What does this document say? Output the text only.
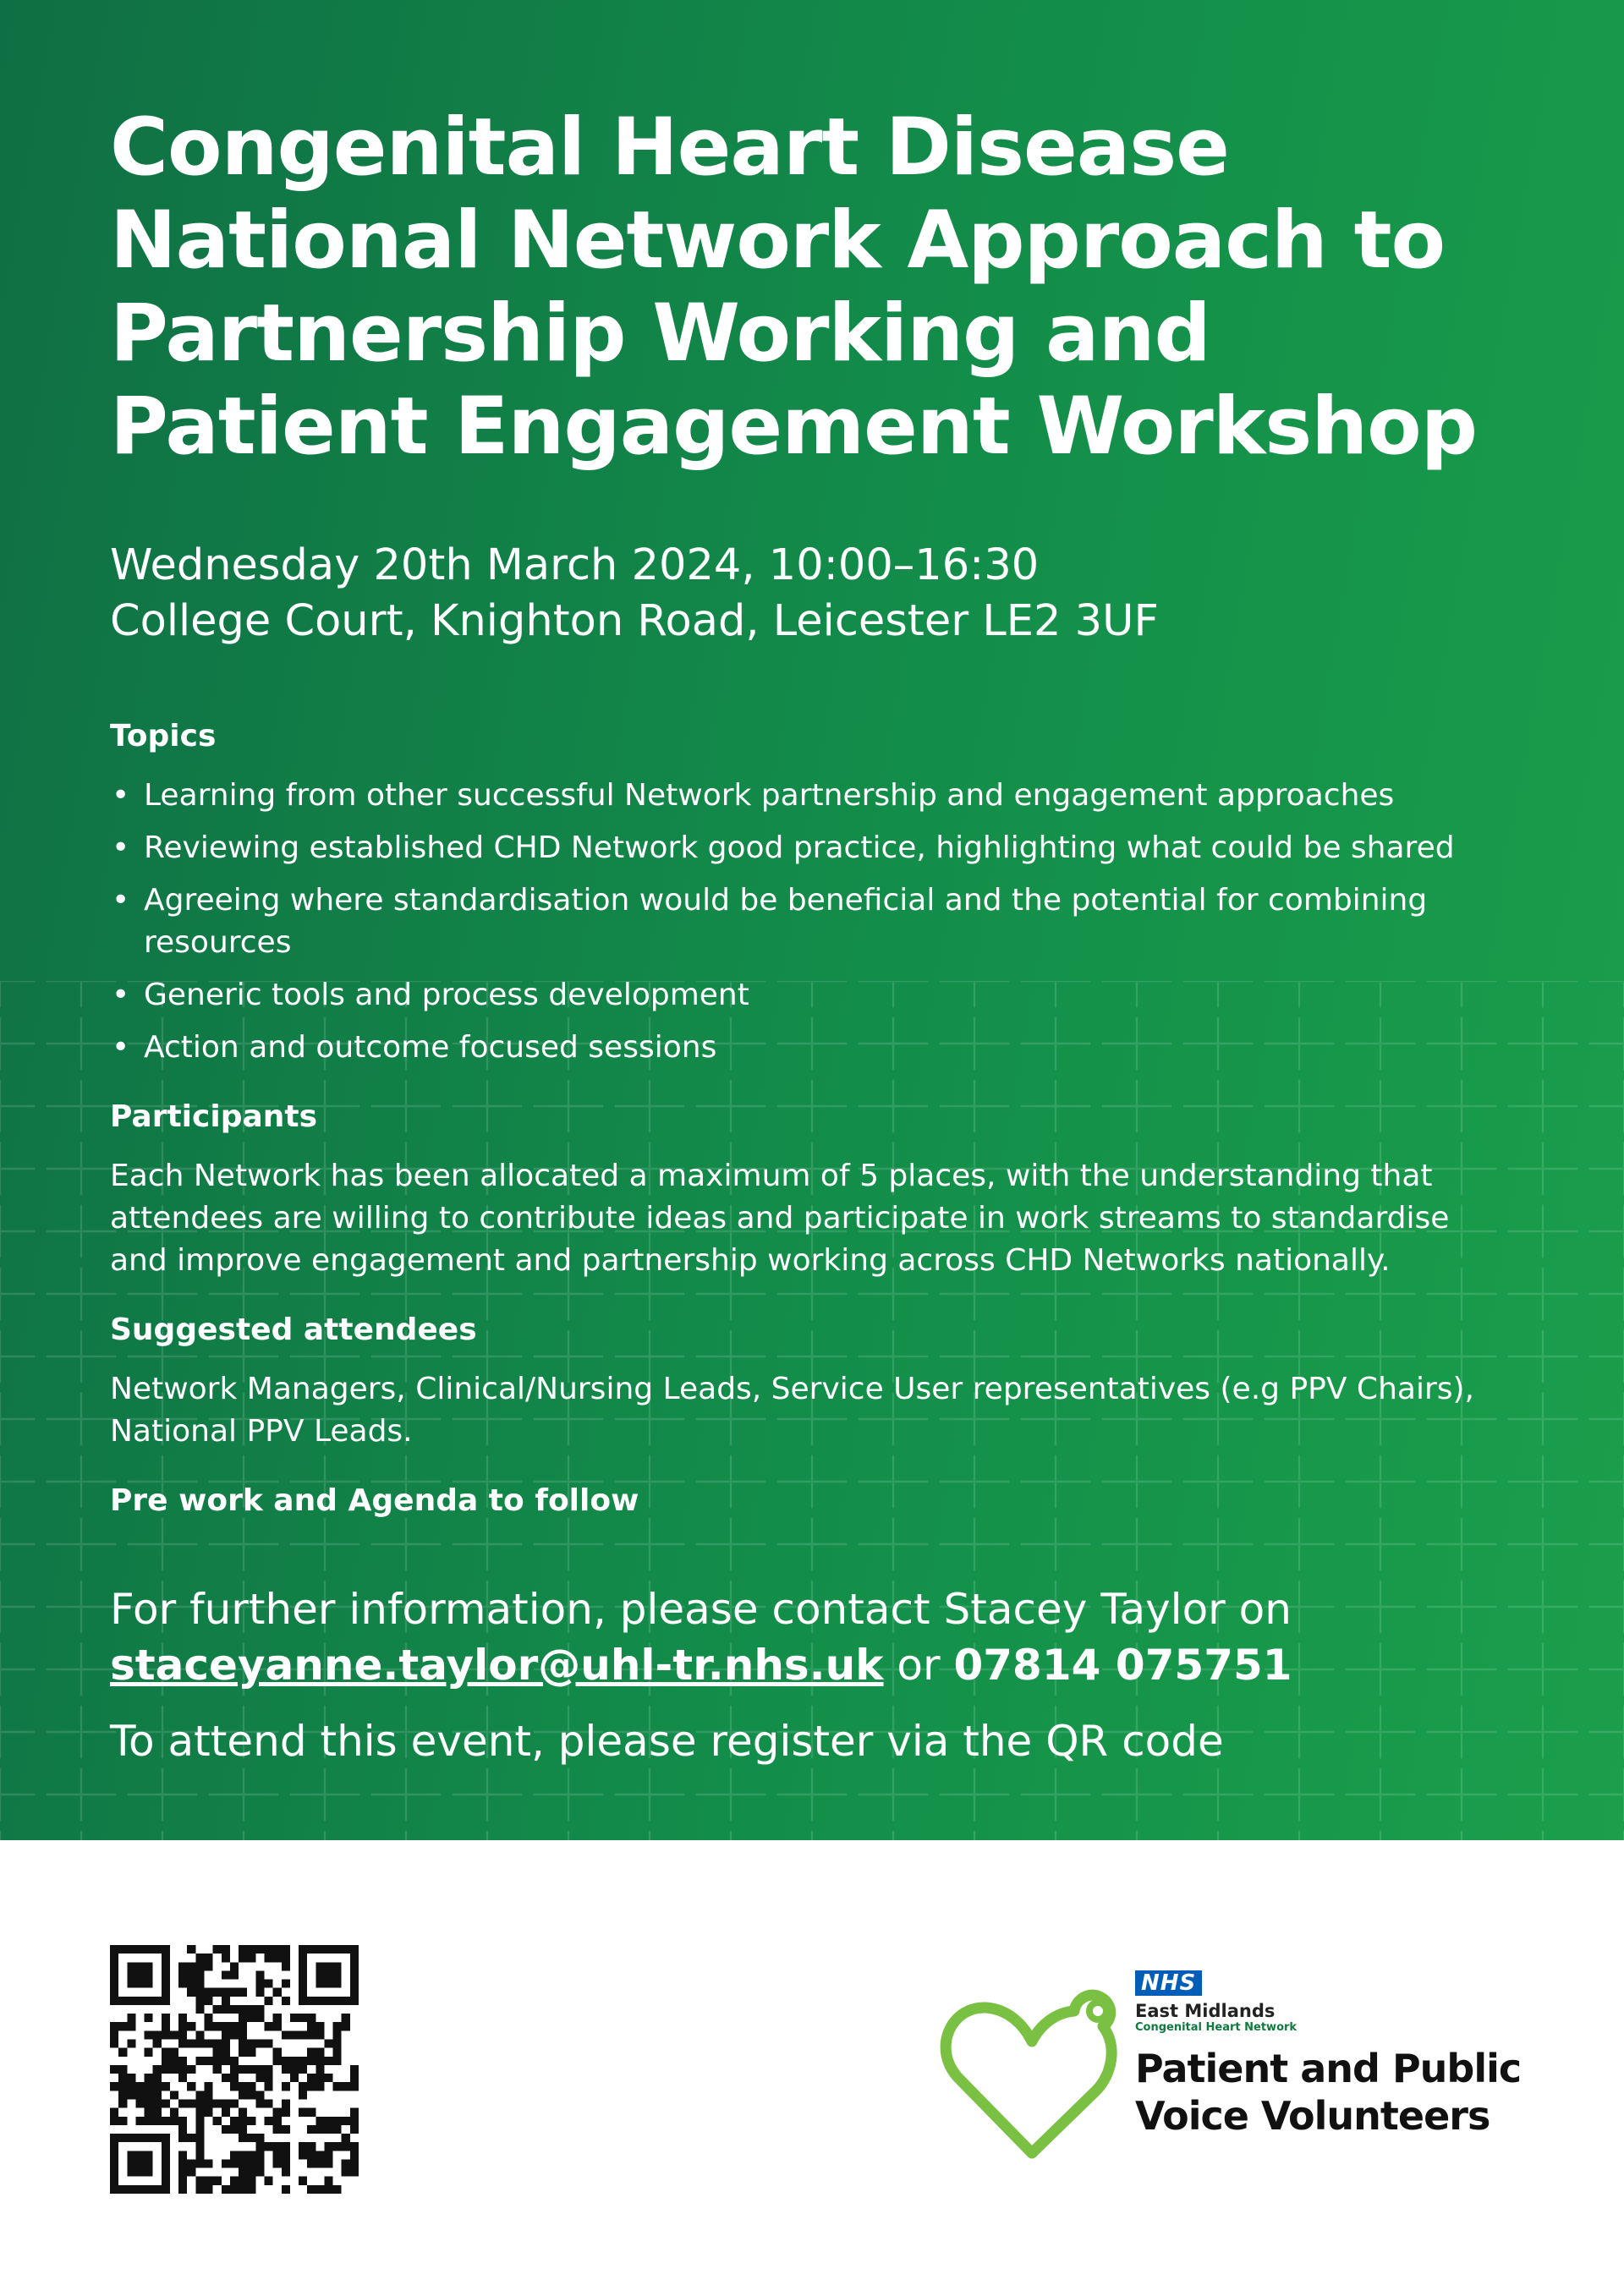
Congenital Heart Disease
National Network Approach to
Partnership Working and
Patient Engagement Workshop
Wednesday 20th March 2024, 10:00–16:30
College Court, Knighton Road, Leicester LE2 3UF
Topics
• Learning from other successful Network partnership and engagement approaches
• Reviewing established CHD Network good practice, highlighting what could be shared
• Agreeing where standardisation would be beneficial and the potential for combining resources
• Generic tools and process development
• Action and outcome focused sessions
Participants
Each Network has been allocated a maximum of 5 places, with the understanding that
attendees are willing to contribute ideas and participate in work streams to standardise
and improve engagement and partnership working across CHD Networks nationally.
Suggested attendees
Network Managers, Clinical/Nursing Leads, Service User representatives (e.g PPV Chairs),
National PPV Leads.
Pre work and Agenda to follow
For further information, please contact Stacey Taylor on
staceyanne.taylor@uhl-tr.nhs.uk or 07814 075751
To attend this event, please register via the QR code
NHS
East Midlands
Congenital Heart Network
Patient and Public
Voice Volunteers
